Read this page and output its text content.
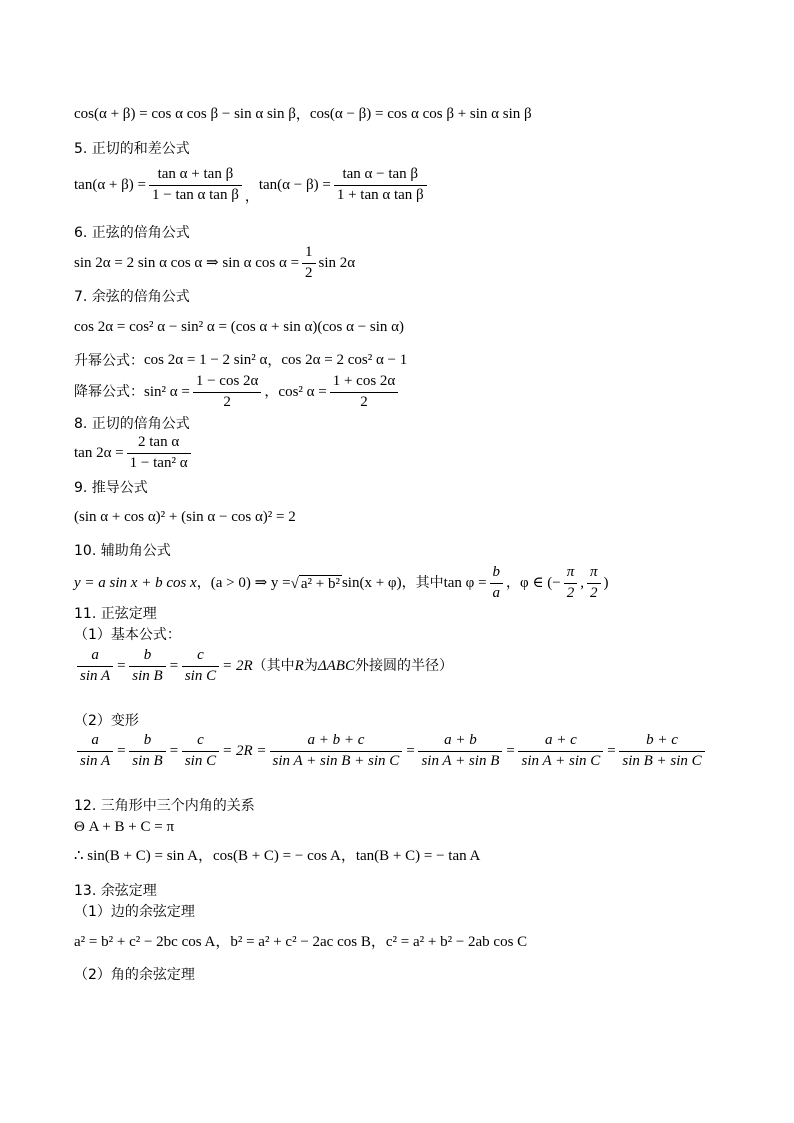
cos(α + β) = cos α cos β − sin α sin β ， cos(α − β) = cos α cos β + sin α sin β
5. 正切的和差公式
$\tan(\alpha + \beta) = \frac{\text{tan α + tan β}}{\text{1 − tan α tan β}}$ ，
$\tan(\alpha - \beta) = \frac{\text{tan α − tan β}}{\text{1 + tan α tan β}}$
6. 正弦的倍角公式
sin 2α = 2 sin α cos α ⇒ sin α $\cos \alpha = \frac{1}{2}$ sin 2α
7. 余弦的倍角公式
cos 2α = cos² α − sin² α = (cos α + sin α)(cos α − sin α)
升幂公式： cos 2α = 1 − 2 sin² α ， cos 2α = 2 cos² α − 1
降幂公式： sin² $\alpha = \frac{1 - \cos 2\alpha}{2}$ ， cos² $\alpha = \frac{1 + \cos 2\alpha}{2}$
8. 正切的倍角公式
$\tan 2\alpha = \frac{\text{2 tan α}}{\text{1 − tan² α}}$
9. 推导公式
(sin α + cos α)² + (sin α − cos α)² = 2
10. 辅助角公式
y = a sin x + b cos x ， (a > 0) ⇒ y = √ a² + b² sin(x + φ) ， 其中 $\tan \varphi = \frac{b}{a}$ ， φ ∈ (− $\frac{\pi}{2}$ , $\frac{\pi}{2}$ )
11. 正弦定理
（1）基本公式：
$\frac{a}{\text{sin A}} = \frac{b}{\text{sin B}} = \frac{c}{\text{sin C}} = 2R$ （其中 R 为 ΔABC 外接圆的半径）
（2）变形
$\frac{a}{\text{sin A}} = \frac{b}{\text{sin B}} = \frac{c}{\text{sin C}} = 2R = \frac{a + b + c}{\text{sin A + sin B + sin C}} = \frac{a + b}{\text{sin A + sin B}} = \frac{a + c}{\text{sin A + sin C}} = \frac{b + c}{\text{sin B + sin C}}$
12. 三角形中三个内角的关系
Θ A + B + C = π
∴ sin(B + C) = sin A，cos(B + C) = − cos A，tan(B + C) = − tan A
13. 余弦定理
（1）边的余弦定理
a² = b² + c² − 2bc cos A，b² = a² + c² − 2ac cos B，c² = a² + b² − 2ab cos C
（2）角的余弦定理
